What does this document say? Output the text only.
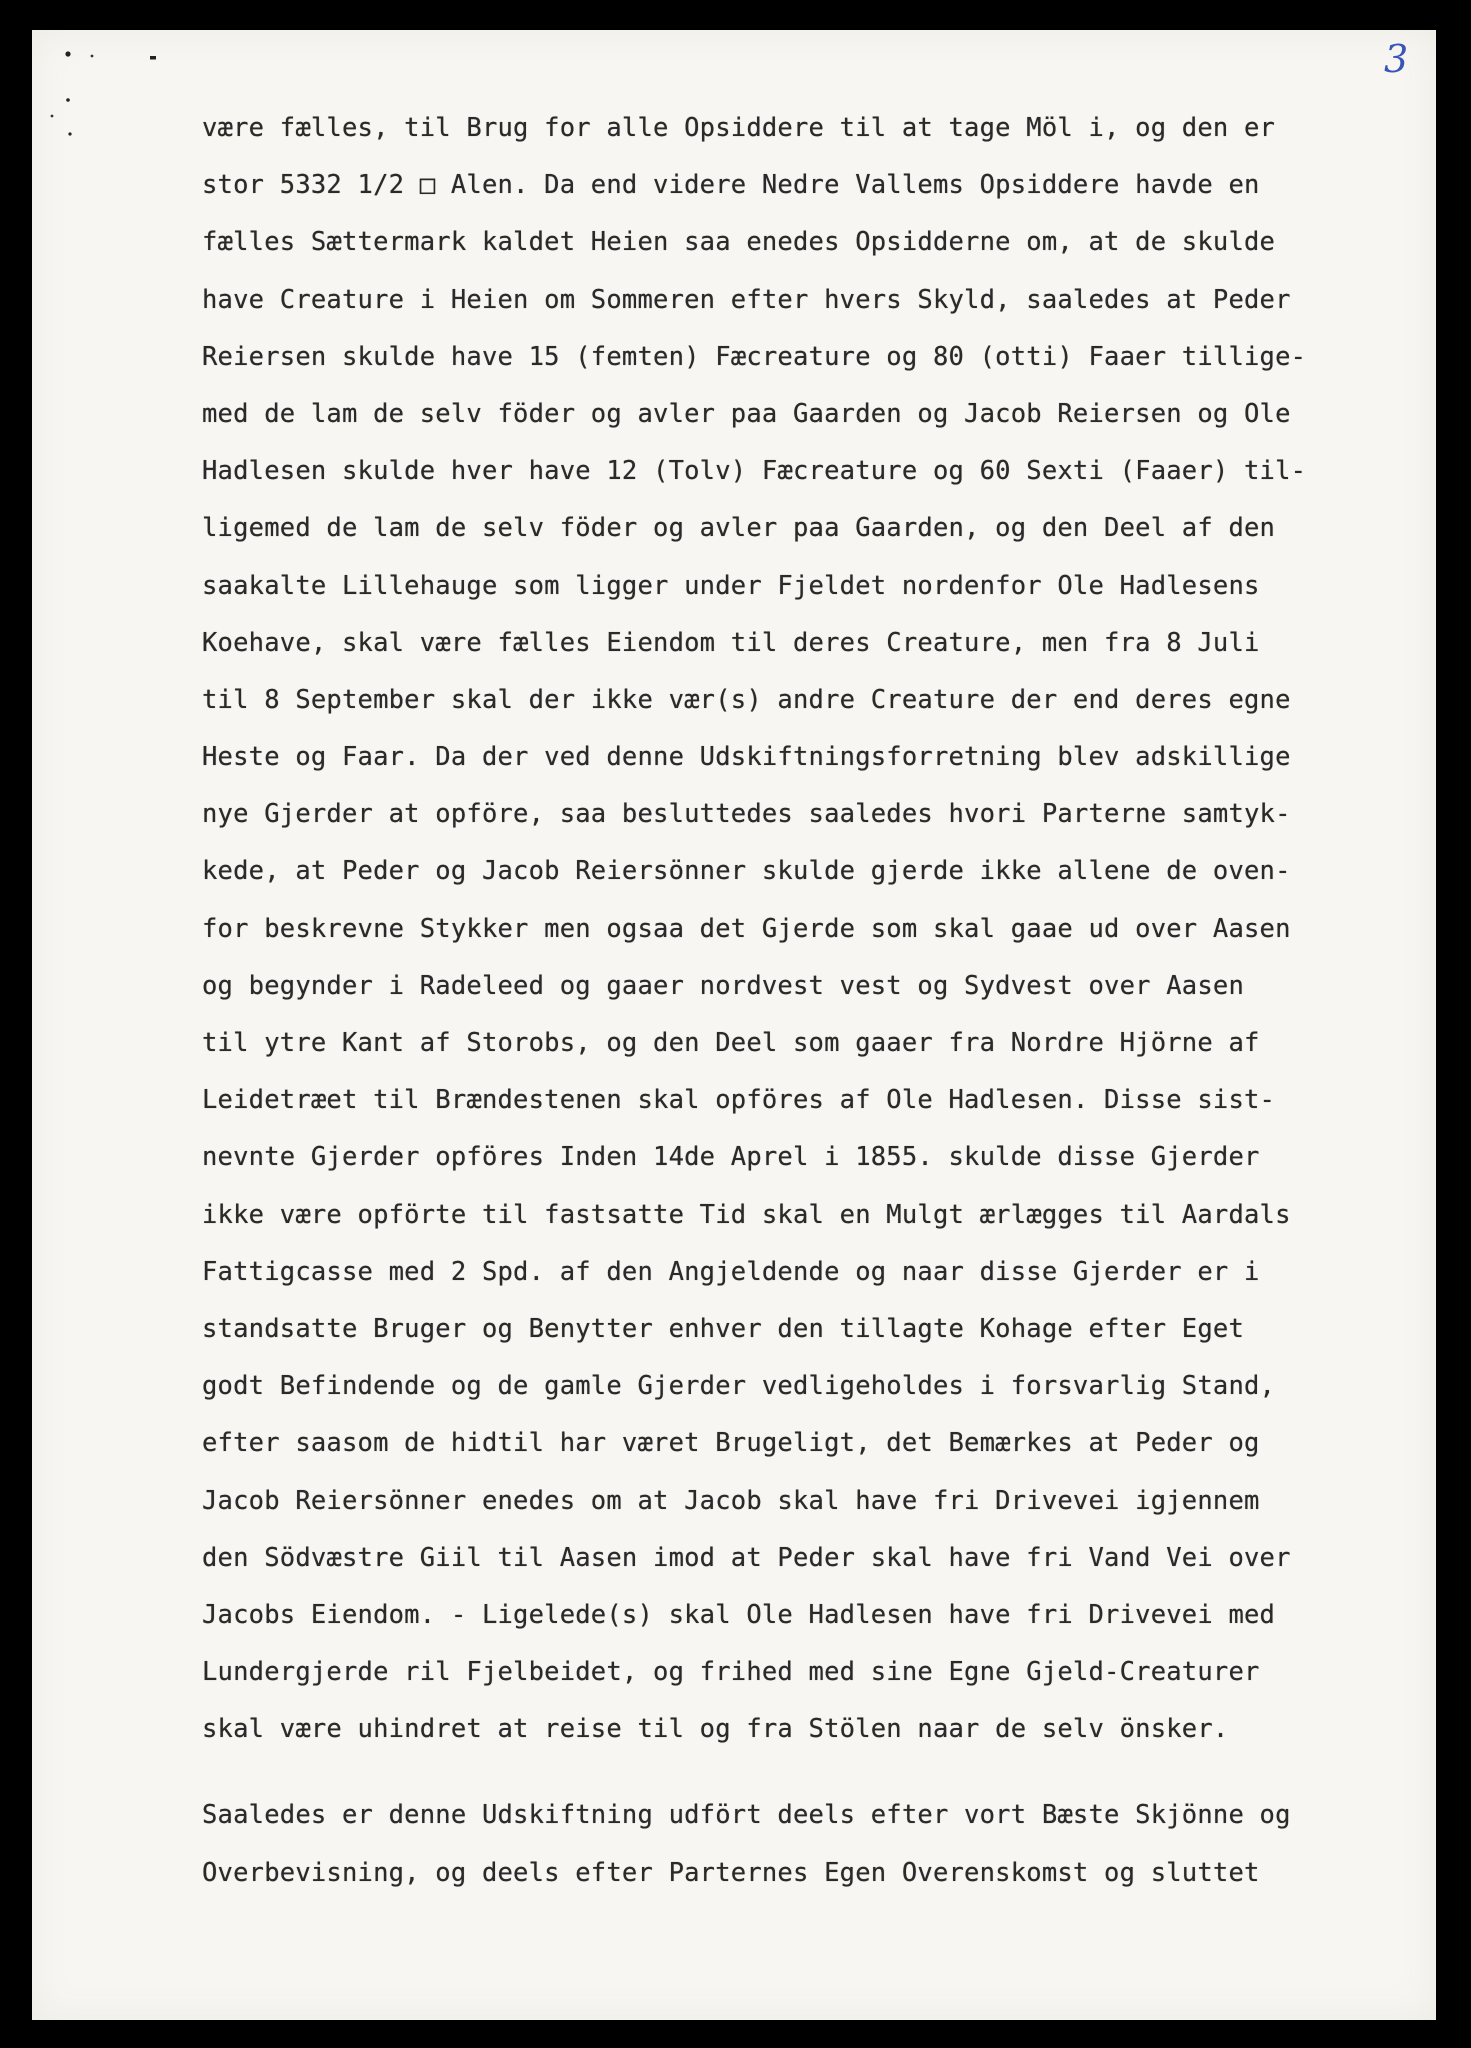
3
være fælles, til Brug for alle Opsiddere til at tage Möl i, og den er
stor 5332 1/2 □ Alen. Da end videre Nedre Vallems Opsiddere havde en
fælles Sættermark kaldet Heien saa enedes Opsidderne om, at de skulde
have Creature i Heien om Sommeren efter hvers Skyld, saaledes at Peder
Reiersen skulde have 15 (femten) Fæcreature og 80 (otti) Faaer tillige-
med de lam de selv föder og avler paa Gaarden og Jacob Reiersen og Ole
Hadlesen skulde hver have 12 (Tolv) Fæcreature og 60 Sexti (Faaer) til-
ligemed de lam de selv föder og avler paa Gaarden, og den Deel af den
saakalte Lillehauge som ligger under Fjeldet nordenfor Ole Hadlesens
Koehave, skal være fælles Eiendom til deres Creature, men fra 8 Juli
til 8 September skal der ikke vær(s) andre Creature der end deres egne
Heste og Faar. Da der ved denne Udskiftningsforretning blev adskillige
nye Gjerder at opföre, saa besluttedes saaledes hvori Parterne samtyk-
kede, at Peder og Jacob Reiersönner skulde gjerde ikke allene de oven-
for beskrevne Stykker men ogsaa det Gjerde som skal gaae ud over Aasen
og begynder i Radeleed og gaaer nordvest vest og Sydvest over Aasen
til ytre Kant af Storobs, og den Deel som gaaer fra Nordre Hjörne af
Leidetræet til Brændestenen skal opföres af Ole Hadlesen. Disse sist-
nevnte Gjerder opföres Inden 14de Aprel i 1855. skulde disse Gjerder
ikke være opförte til fastsatte Tid skal en Mulgt ærlægges til Aardals
Fattigcasse med 2 Spd. af den Angjeldende og naar disse Gjerder er i
standsatte Bruger og Benytter enhver den tillagte Kohage efter Eget
godt Befindende og de gamle Gjerder vedligeholdes i forsvarlig Stand,
efter saasom de hidtil har været Brugeligt, det Bemærkes at Peder og
Jacob Reiersönner enedes om at Jacob skal have fri Drivevei igjennem
den Södvæstre Giil til Aasen imod at Peder skal have fri Vand Vei over
Jacobs Eiendom. - Ligelede(s) skal Ole Hadlesen have fri Drivevei med
Lundergjerde ril Fjelbeidet, og frihed med sine Egne Gjeld-Creaturer
skal være uhindret at reise til og fra Stölen naar de selv önsker.
Saaledes er denne Udskiftning udfört deels efter vort Bæste Skjönne og
Overbevisning, og deels efter Parternes Egen Overenskomst og sluttet
